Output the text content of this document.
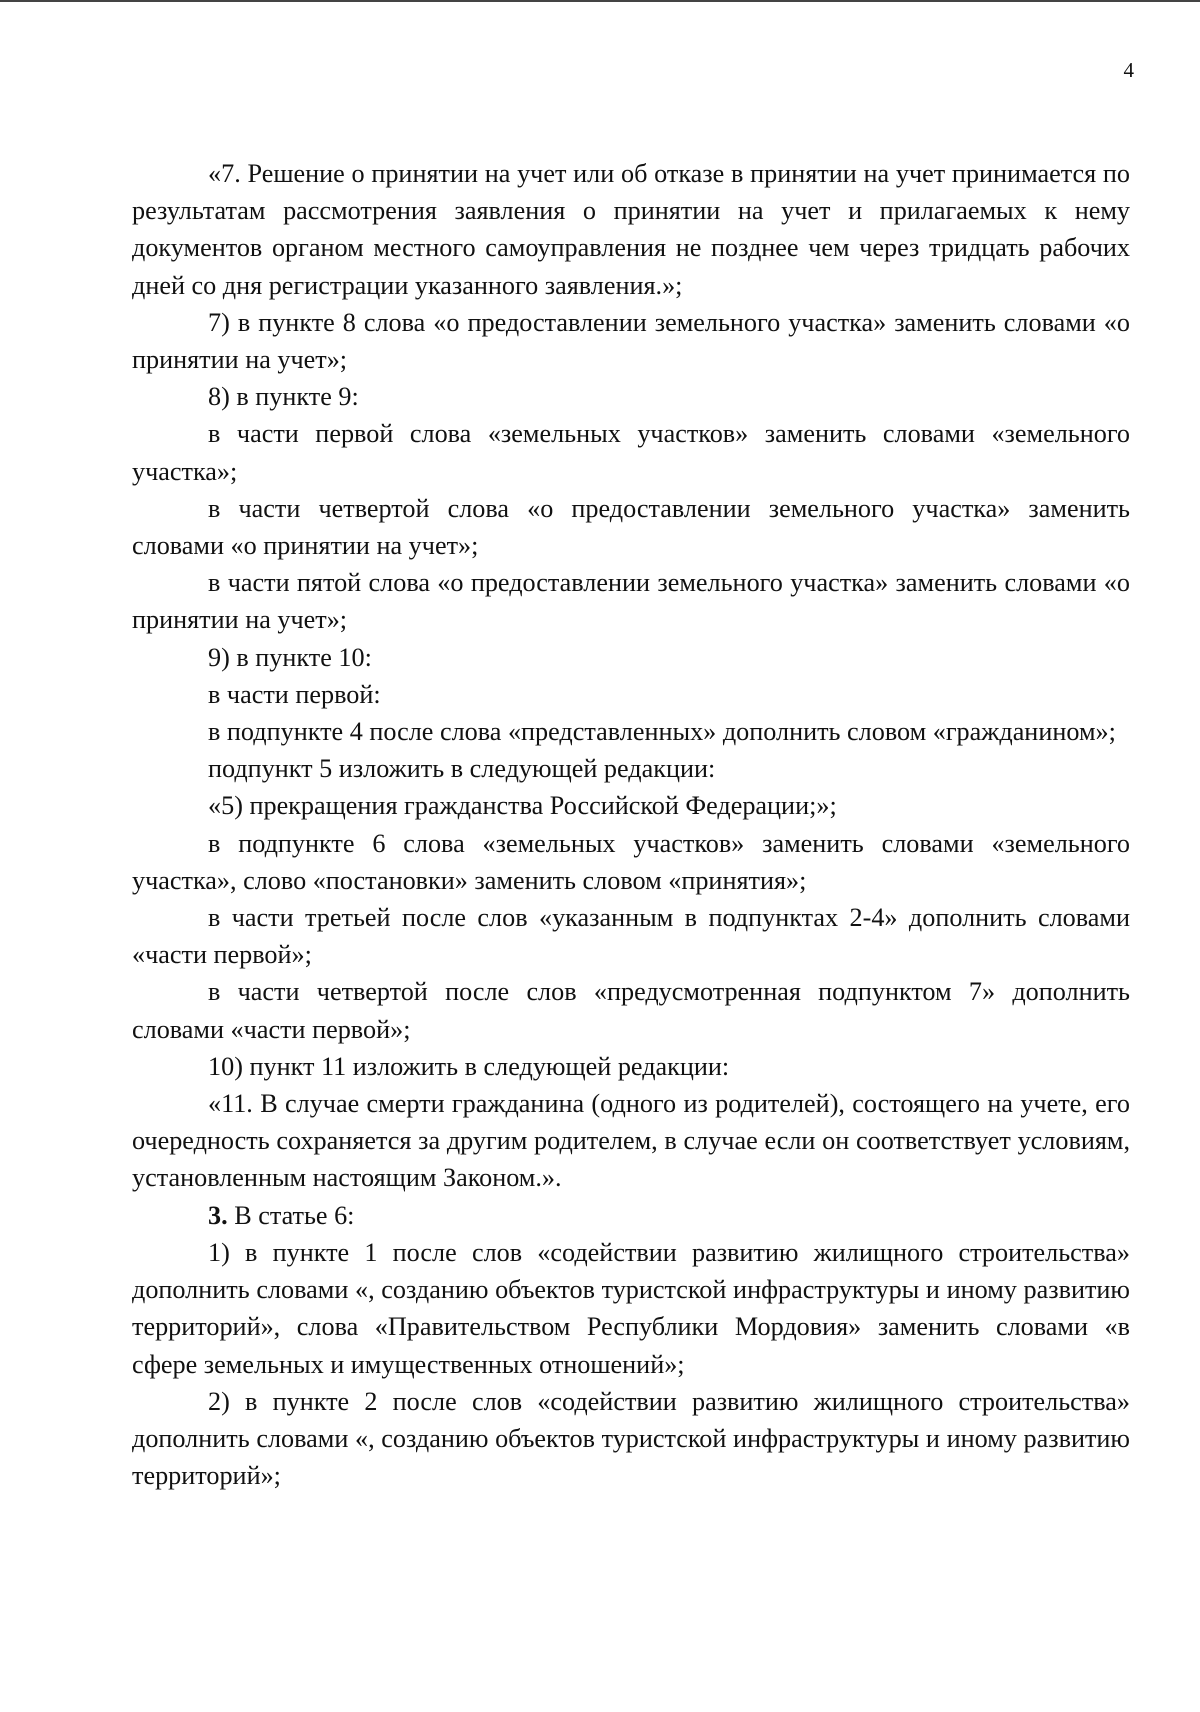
4

«7. Решение о принятии на учет или об отказе в принятии на учет принимается по результатам рассмотрения заявления о принятии на учет и прилагаемых к нему документов органом местного самоуправления не позднее чем через тридцать рабочих дней со дня регистрации указанного заявления.»;

7) в пункте 8 слова «о предоставлении земельного участка» заменить словами «о принятии на учет»;

8) в пункте 9:

в части первой слова «земельных участков» заменить словами «земельного участка»;

в части четвертой слова «о предоставлении земельного участка» заменить словами «о принятии на учет»;

в части пятой слова «о предоставлении земельного участка» заменить словами «о принятии на учет»;

9) в пункте 10:

в части первой:

в подпункте 4 после слова «представленных» дополнить словом «гражданином»;

подпункт 5 изложить в следующей редакции:

«5) прекращения гражданства Российской Федерации;»;

в подпункте 6 слова «земельных участков» заменить словами «земельного участка», слово «постановки» заменить словом «принятия»;

в части третьей после слов «указанным в подпунктах 2-4» дополнить словами «части первой»;

в части четвертой после слов «предусмотренная подпунктом 7» дополнить словами «части первой»;

10) пункт 11 изложить в следующей редакции:

«11. В случае смерти гражданина (одного из родителей), состоящего на учете, его очередность сохраняется за другим родителем, в случае если он соответствует условиям, установленным настоящим Законом.».

3. В статье 6:

1) в пункте 1 после слов «содействии развитию жилищного строительства» дополнить словами «, созданию объектов туристской инфраструктуры и иному развитию территорий», слова «Правительством Республики Мордовия» заменить словами «в сфере земельных и имущественных отношений»;

2) в пункте 2 после слов «содействии развитию жилищного строительства» дополнить словами «, созданию объектов туристской инфраструктуры и иному развитию территорий»;
